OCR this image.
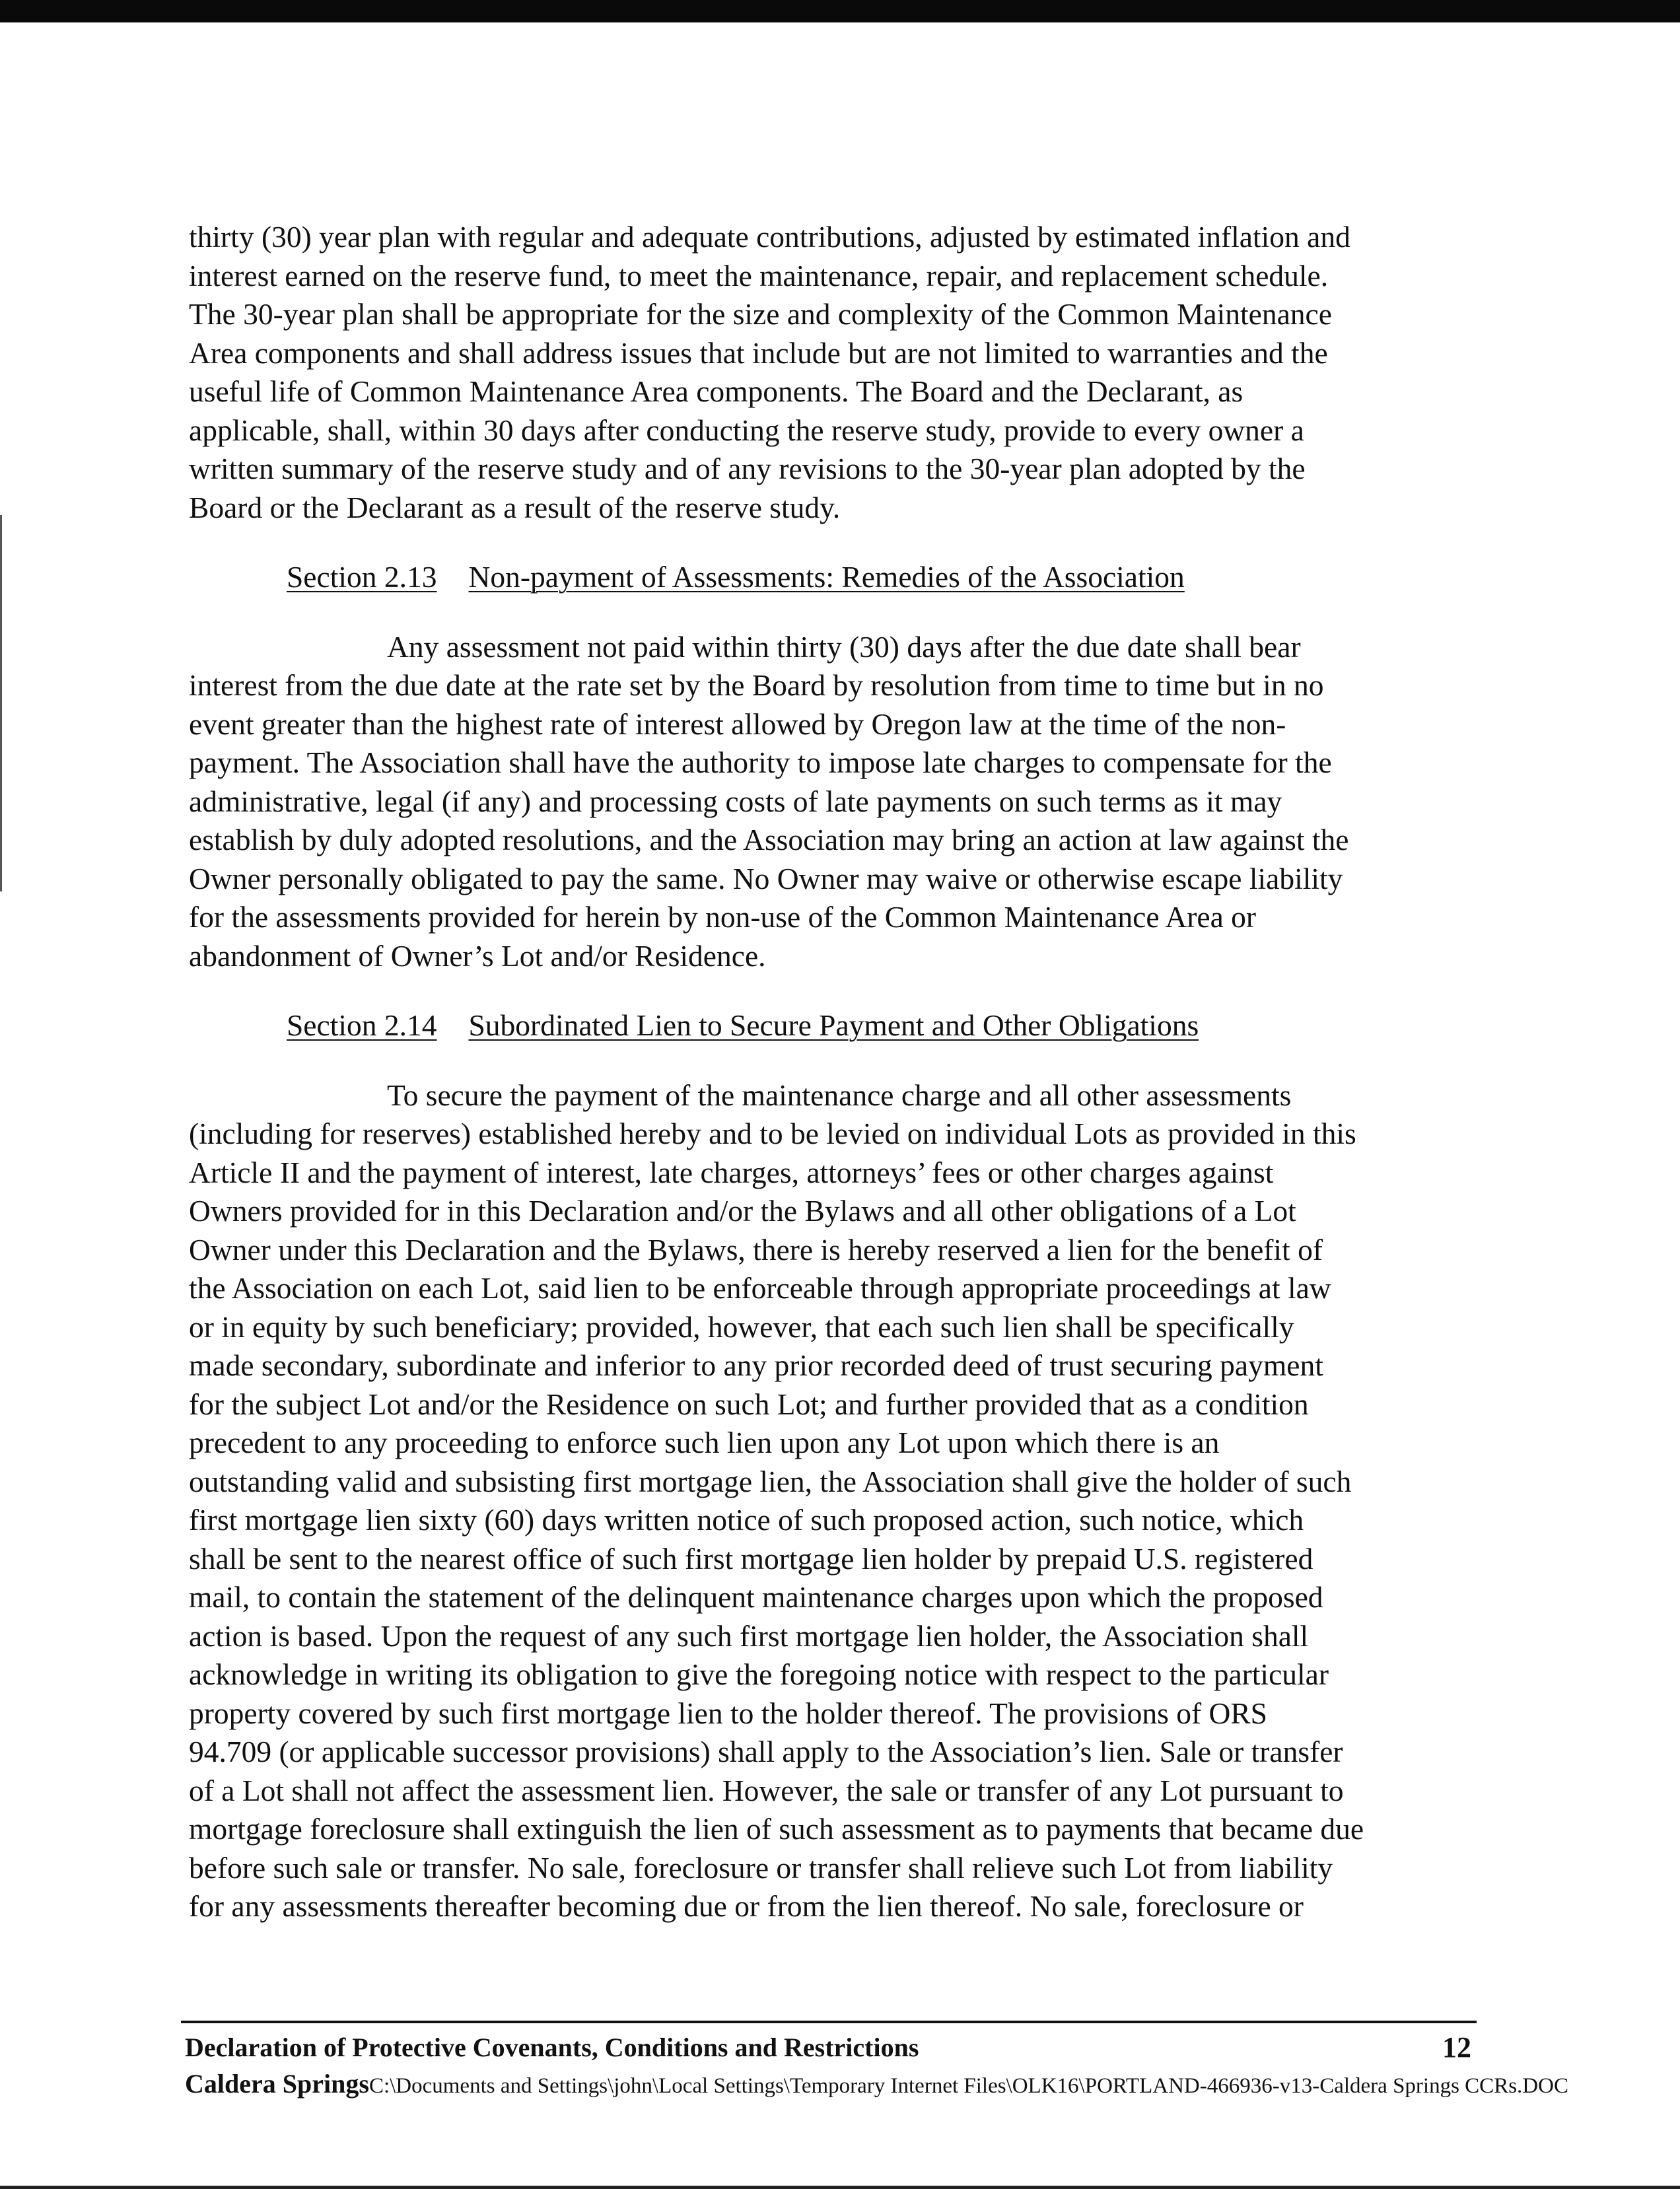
thirty (30) year plan with regular and adequate contributions, adjusted by estimated inflation and
interest earned on the reserve fund, to meet the maintenance, repair, and replacement schedule.
The 30-year plan shall be appropriate for the size and complexity of the Common Maintenance
Area components and shall address issues that include but are not limited to warranties and the
useful life of Common Maintenance Area components. The Board and the Declarant, as
applicable, shall, within 30 days after conducting the reserve study, provide to every owner a
written summary of the reserve study and of any revisions to the 30-year plan adopted by the
Board or the Declarant as a result of the reserve study.

Section 2.13 Non-payment of Assessments: Remedies of the Association

Any assessment not paid within thirty (30) days after the due date shall bear
interest from the due date at the rate set by the Board by resolution from time to time but in no
event greater than the highest rate of interest allowed by Oregon law at the time of the non-
payment. The Association shall have the authority to impose late charges to compensate for the
administrative, legal (if any) and processing costs of late payments on such terms as it may
establish by duly adopted resolutions, and the Association may bring an action at law against the
Owner personally obligated to pay the same. No Owner may waive or otherwise escape liability
for the assessments provided for herein by non-use of the Common Maintenance Area or
abandonment of Owner’s Lot and/or Residence.

Section 2.14 Subordinated Lien to Secure Payment and Other Obligations

To secure the payment of the maintenance charge and all other assessments
(including for reserves) established hereby and to be levied on individual Lots as provided in this
Article II and the payment of interest, late charges, attorneys’ fees or other charges against
Owners provided for in this Declaration and/or the Bylaws and all other obligations of a Lot
Owner under this Declaration and the Bylaws, there is hereby reserved a lien for the benefit of
the Association on each Lot, said lien to be enforceable through appropriate proceedings at law
or in equity by such beneficiary; provided, however, that each such lien shall be specifically
made secondary, subordinate and inferior to any prior recorded deed of trust securing payment
for the subject Lot and/or the Residence on such Lot; and further provided that as a condition
precedent to any proceeding to enforce such lien upon any Lot upon which there is an
outstanding valid and subsisting first mortgage lien, the Association shall give the holder of such
first mortgage lien sixty (60) days written notice of such proposed action, such notice, which
shall be sent to the nearest office of such first mortgage lien holder by prepaid U.S. registered
mail, to contain the statement of the delinquent maintenance charges upon which the proposed
action is based. Upon the request of any such first mortgage lien holder, the Association shall
acknowledge in writing its obligation to give the foregoing notice with respect to the particular
property covered by such first mortgage lien to the holder thereof. The provisions of ORS
94.709 (or applicable successor provisions) shall apply to the Association’s lien. Sale or transfer
of a Lot shall not affect the assessment lien. However, the sale or transfer of any Lot pursuant to
mortgage foreclosure shall extinguish the lien of such assessment as to payments that became due
before such sale or transfer. No sale, foreclosure or transfer shall relieve such Lot from liability
for any assessments thereafter becoming due or from the lien thereof. No sale, foreclosure or

Declaration of Protective Covenants, Conditions and Restrictions	12
Caldera SpringsC:\Documents and Settings\john\Local Settings\Temporary Internet Files\OLK16\PORTLAND-466936-v13-Caldera Springs CCRs.DOC
